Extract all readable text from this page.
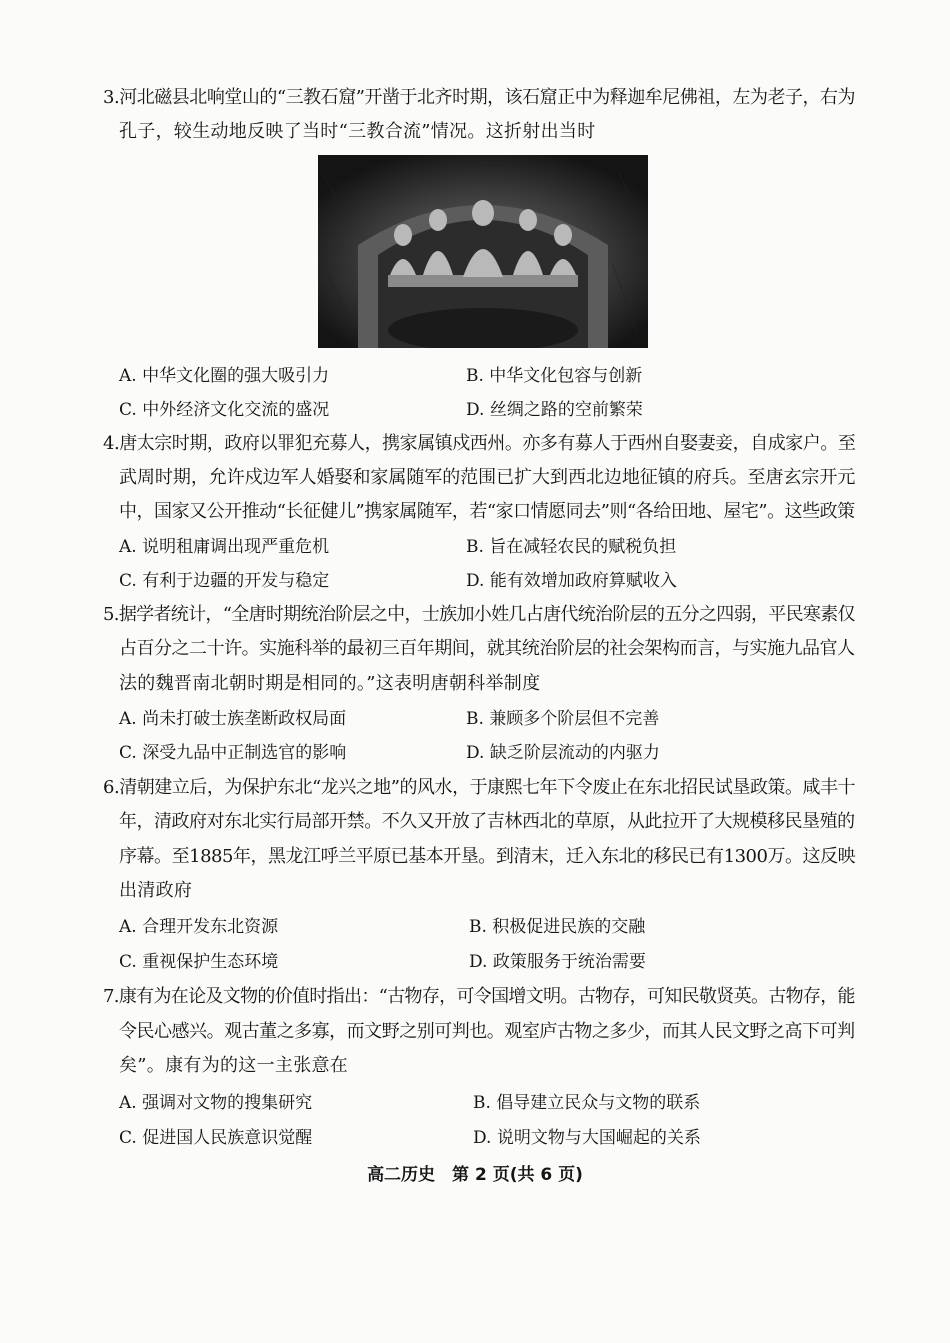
3.河北磁县北响堂山的“三教石窟”开凿于北齐时期，该石窟正中为释迦牟尼佛祖，左为老子，右为
孔子，较生动地反映了当时“三教合流”情况。这折射出当时
A. 中华文化圈的强大吸引力	B. 中华文化包容与创新
C. 中外经济文化交流的盛况	D. 丝绸之路的空前繁荣
4.唐太宗时期，政府以罪犯充募人，携家属镇戍西州。亦多有募人于西州自娶妻妾，自成家户。至
武周时期，允许戍边军人婚娶和家属随军的范围已扩大到西北边地征镇的府兵。至唐玄宗开元
中，国家又公开推动“长征健儿”携家属随军，若“家口情愿同去”则“各给田地、屋宅”。这些政策
A. 说明租庸调出现严重危机	B. 旨在减轻农民的赋税负担
C. 有利于边疆的开发与稳定	D. 能有效增加政府算赋收入
5.据学者统计，“全唐时期统治阶层之中，士族加小姓几占唐代统治阶层的五分之四弱，平民寒素仅
占百分之二十许。实施科举的最初三百年期间，就其统治阶层的社会架构而言，与实施九品官人
法的魏晋南北朝时期是相同的。”这表明唐朝科举制度
A. 尚未打破士族垄断政权局面	B. 兼顾多个阶层但不完善
C. 深受九品中正制选官的影响	D. 缺乏阶层流动的内驱力
6.清朝建立后，为保护东北“龙兴之地”的风水，于康熙七年下令废止在东北招民试垦政策。咸丰十
年，清政府对东北实行局部开禁。不久又开放了吉林西北的草原，从此拉开了大规模移民垦殖的
序幕。至1885年，黑龙江呼兰平原已基本开垦。到清末，迁入东北的移民已有1300万。这反映
出清政府
A. 合理开发东北资源	B. 积极促进民族的交融
C. 重视保护生态环境	D. 政策服务于统治需要
7.康有为在论及文物的价值时指出：“古物存，可令国增文明。古物存，可知民敬贤英。古物存，能
令民心感兴。观古董之多寡，而文野之别可判也。观室庐古物之多少，而其人民文野之高下可判
矣”。康有为的这一主张意在
A. 强调对文物的搜集研究	B. 倡导建立民众与文物的联系
C. 促进国人民族意识觉醒	D. 说明文物与大国崛起的关系
高二历史　第 2 页(共 6 页)
